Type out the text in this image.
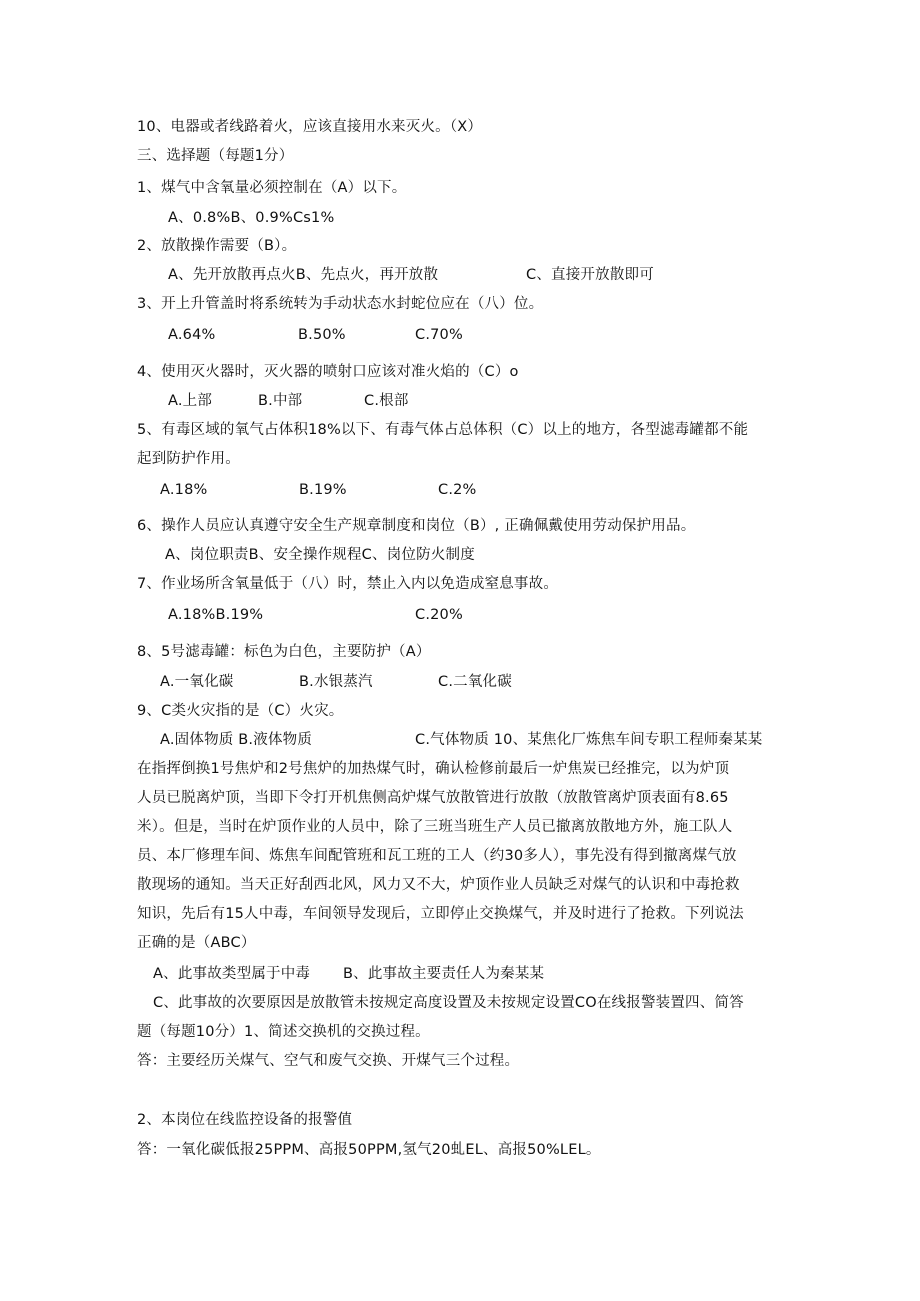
10、电器或者线路着火，应该直接用水来灭火。（X）
三、选择题（每题1分）
1、煤气中含氧量必须控制在（A）以下。
A、0.8%B、0.9%Cs1%
2、放散操作需要（B）。
A、先开放散再点火B、先点火，再开放散	C、直接开放散即可
3、开上升管盖时将系统转为手动状态水封蛇位应在（八）位。
A.64%	B.50%	C.70%
4、使用灭火器时，灭火器的喷射口应该对准火焰的（C）o
A.上部	B.中部	C.根部
5、有毒区域的氧气占体积18%以下、有毒气体占总体积（C）以上的地方，各型滤毒罐都不能
起到防护作用。
A.18%	B.19%	C.2%
6、操作人员应认真遵守安全生产规章制度和岗位（B）, 正确佩戴使用劳动保护用品。
A、岗位职责B、安全操作规程C、岗位防火制度
7、作业场所含氧量低于（八）时，禁止入内以免造成窒息事故。
A.18%B.19%	C.20%
8、5号滤毒罐：标色为白色，主要防护（A）
A.一氧化碳	B.水银蒸汽	C.二氧化碳
9、C类火灾指的是（C）火灾。
A.固体物质 B.液体物质	C.气体物质 10、某焦化厂炼焦车间专职工程师秦某某
在指挥倒换1号焦炉和2号焦炉的加热煤气时，确认检修前最后一炉焦炭已经推完，以为炉顶
人员已脱离炉顶，当即下令打开机焦侧高炉煤气放散管进行放散（放散管离炉顶表面有8.65
米）。但是，当时在炉顶作业的人员中，除了三班当班生产人员已撤离放散地方外，施工队人
员、本厂修理车间、炼焦车间配管班和瓦工班的工人（约30多人），事先没有得到撤离煤气放
散现场的通知。当天正好刮西北风，风力又不大，炉顶作业人员缺乏对煤气的认识和中毒抢救
知识，先后有15人中毒，车间领导发现后，立即停止交换煤气，并及时进行了抢救。下列说法
正确的是（ABC）
A、此事故类型属于中毒 B、此事故主要责任人为秦某某
C、此事故的次要原因是放散管未按规定高度设置及未按规定设置CO在线报警装置四、简答
题（每题10分）1、简述交换机的交换过程。
答：主要经历关煤气、空气和废气交换、开煤气三个过程。
2、本岗位在线监控设备的报警值
答：一氧化碳低报25PPM、高报50PPM,氢气20虬EL、高报50%LEL。
